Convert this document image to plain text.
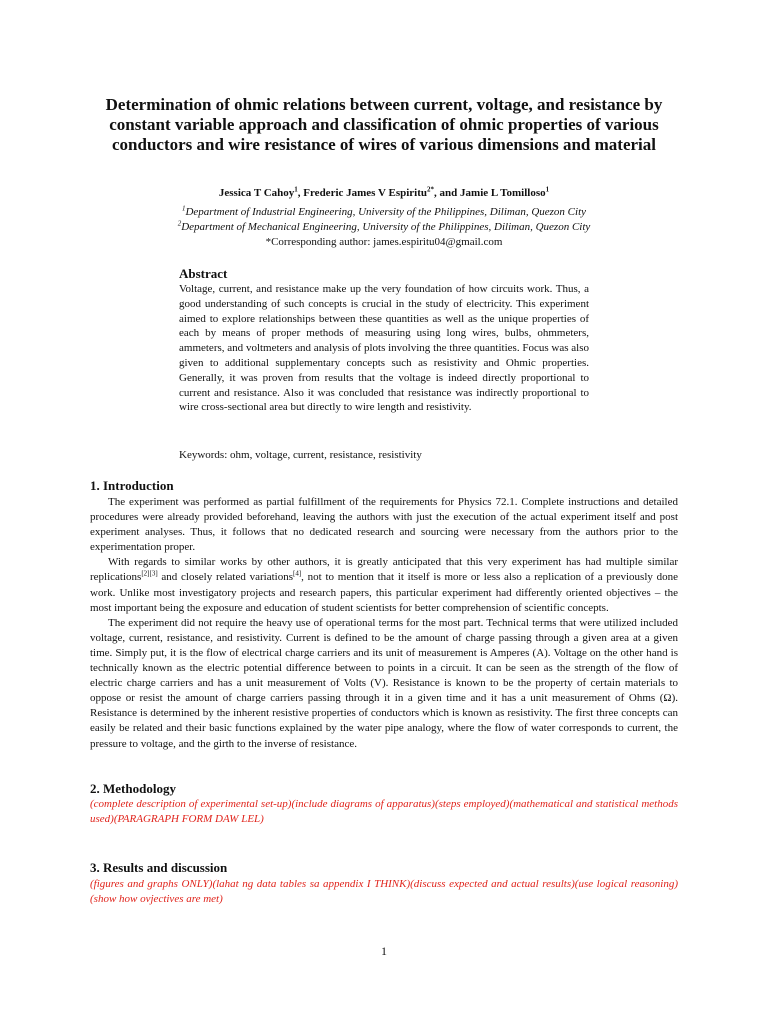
Determination of ohmic relations between current, voltage, and resistance by constant variable approach and classification of ohmic properties of various conductors and wire resistance of wires of various dimensions and material
Jessica T Cahoy$^1$, Frederic James V Espiritu$^{2*}$, and Jamie L Tomilloso$^1$
$^1$Department of Industrial Engineering, University of the Philippines, Diliman, Quezon City
$^2$Department of Mechanical Engineering, University of the Philippines, Diliman, Quezon City
*Corresponding author: james.espiritu04@gmail.com
Abstract

Voltage, current, and resistance make up the very foundation of how circuits work. Thus, a good understanding of such concepts is crucial in the study of electricity. This experiment aimed to explore relationships between these quantities as well as the unique properties of each by means of proper methods of measuring using long wires, bulbs, ohmmeters, ammeters, and voltmeters and analysis of plots involving the three quantities. Focus was also given to additional supplementary concepts such as resistivity and Ohmic properties. Generally, it was proven from results that the voltage is indeed directly proportional to current and resistance. Also it was concluded that resistance was indirectly proportional to wire cross-sectional area but directly to wire length and resistivity.

Keywords: ohm, voltage, current, resistance, resistivity
1. Introduction

The experiment was performed as partial fulfillment of the requirements for Physics 72.1. Complete instructions and detailed procedures were already provided beforehand, leaving the authors with just the execution of the actual experiment itself and post experiment analyses. Thus, it follows that no dedicated research and sourcing were necessary from the authors prior to the experimentation proper.

With regards to similar works by other authors, it is greatly anticipated that this very experiment has had multiple similar replications[2][3] and closely related variations[4], not to mention that it itself is more or less also a replication of a previously done work. Unlike most investigatory projects and research papers, this particular experiment had differently oriented objectives – the most important being the exposure and education of student scientists for better comprehension of scientific concepts.

The experiment did not require the heavy use of operational terms for the most part. Technical terms that were utilized included voltage, current, resistance, and resistivity. Current is defined to be the amount of charge passing through a given area at a given time. Simply put, it is the flow of electrical charge carriers and its unit of measurement is Amperes (A). Voltage on the other hand is technically known as the electric potential difference between to points in a circuit. It can be seen as the strength of the flow of electric charge carriers and has a unit measurement of Volts (V). Resistance is known to be the property of certain materials to oppose or resist the amount of charge carriers passing through it in a given time and it has a unit measurement of Ohms (Ω). Resistance is determined by the inherent resistive properties of conductors which is known as resistivity. The first three concepts can easily be related and their basic functions explained by the water pipe analogy, where the flow of water corresponds to current, the pressure to voltage, and the girth to the inverse of resistance.

2. Methodology

(complete description of experimental set-up)(include diagrams of apparatus)(steps employed)(mathematical and statistical methods used)(PARAGRAPH FORM DAW LEL)

3. Results and discussion

(figures and graphs ONLY)(lahat ng data tables sa appendix I THINK)(discuss expected and actual results)(use logical reasoning)(show how ovjectives are met)

1
